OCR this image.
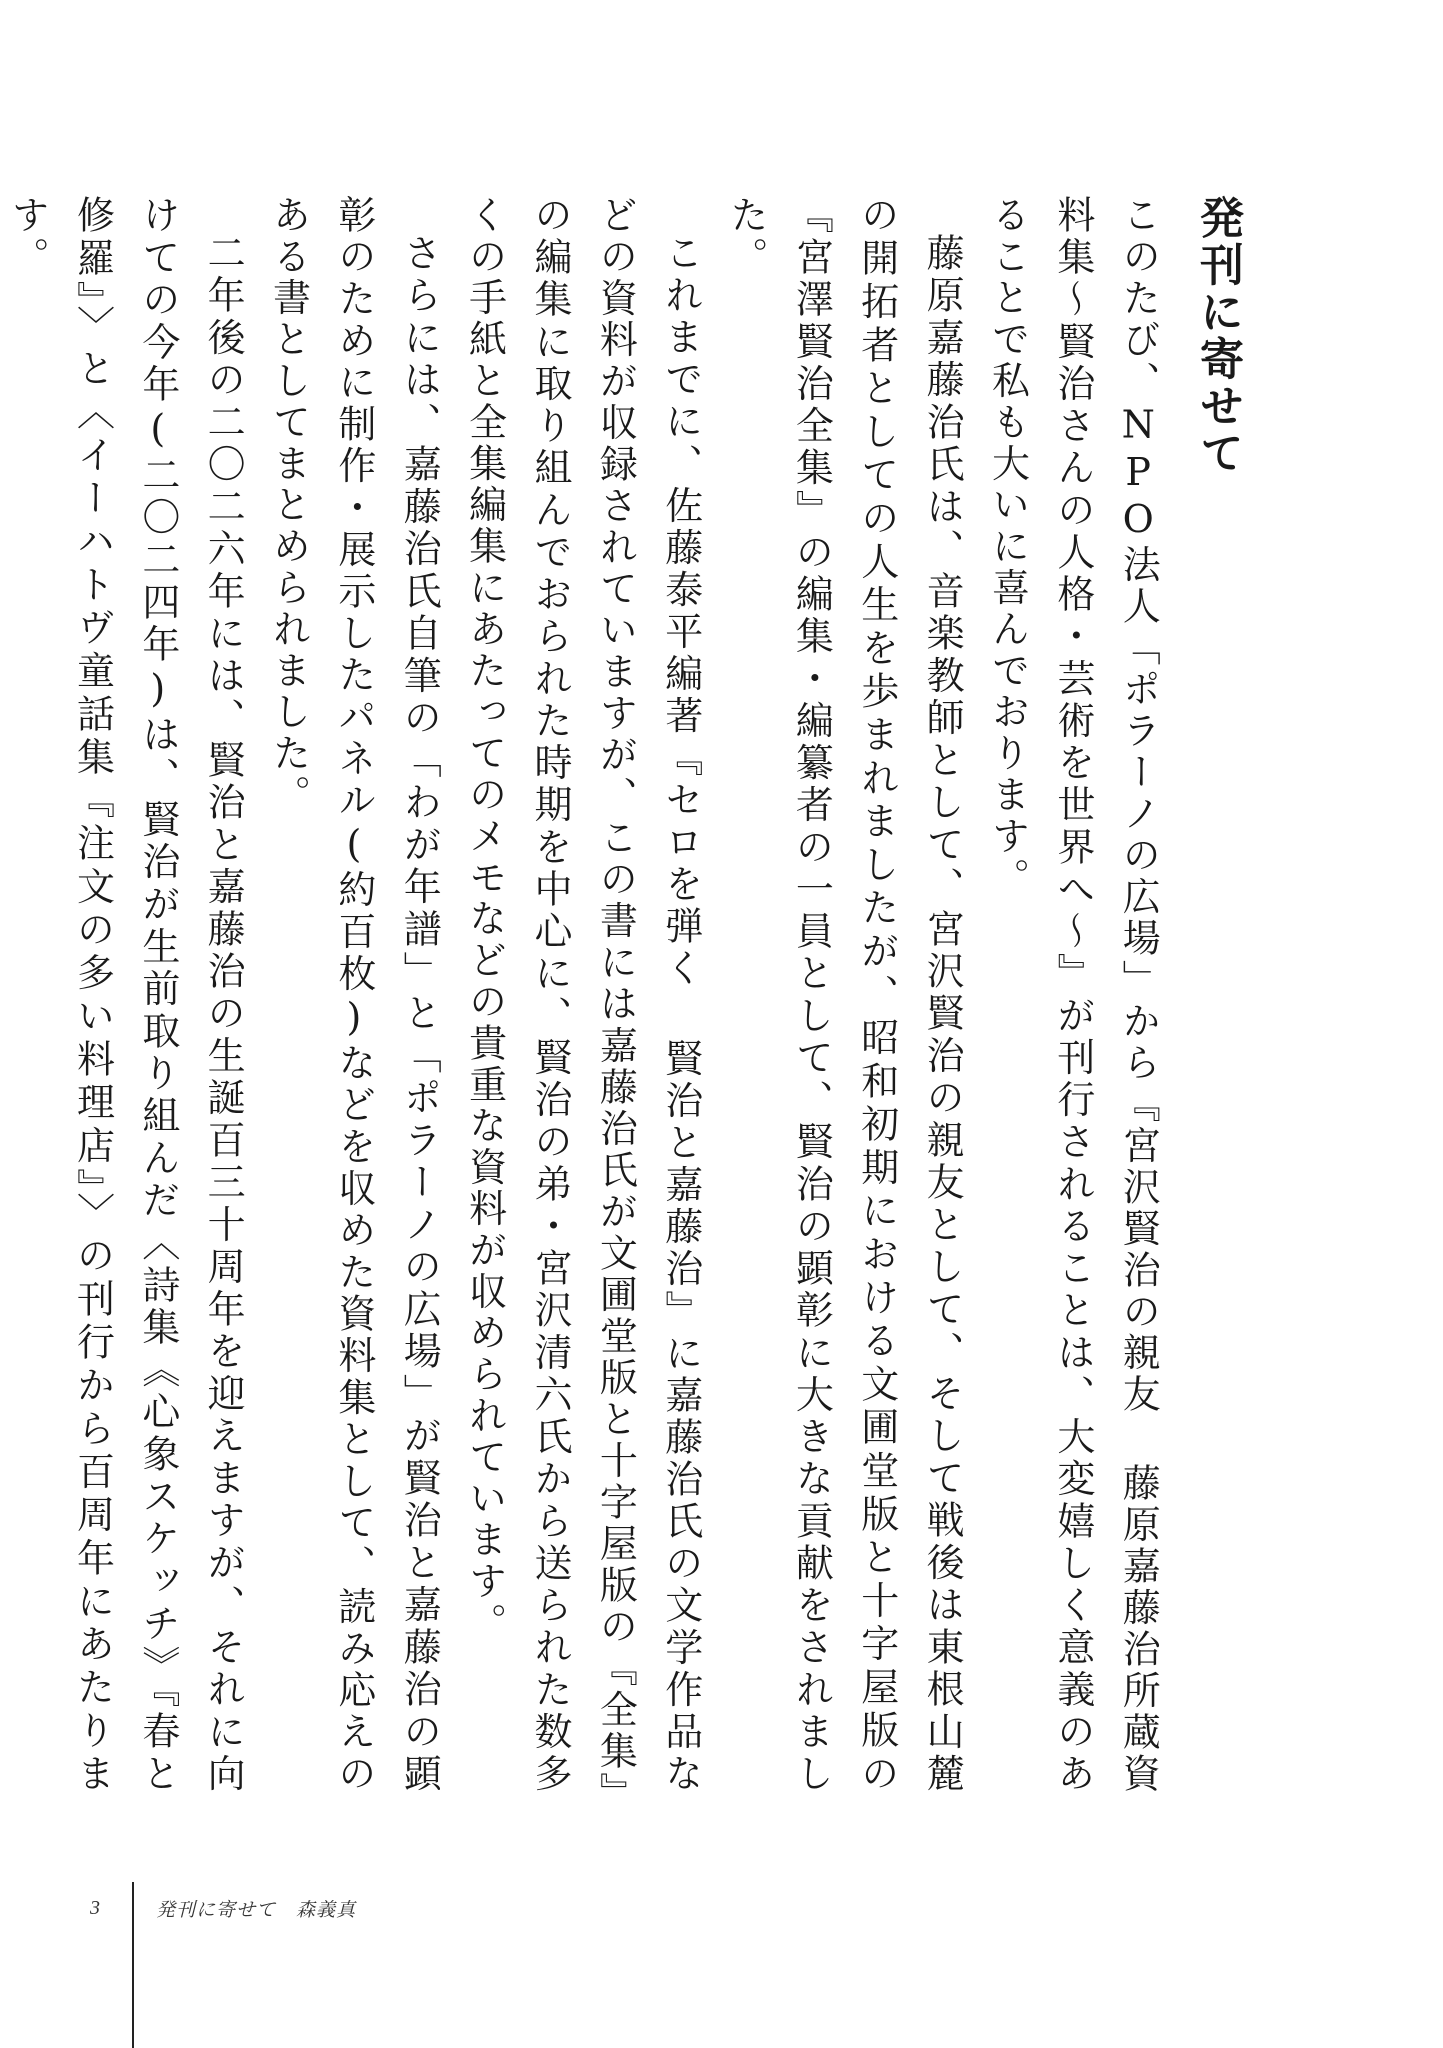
発刊に寄せて

このたび、NPO法人「ポラーノの広場」から『宮沢賢治の親友 藤原嘉藤治所蔵資料集〜賢治さんの人格・芸術を世界へ〜』が刊行されることは、大変嬉しく意義のあることで私も大いに喜んでおります。

藤原嘉藤治氏は、音楽教師として、宮沢賢治の親友として、そして戦後は東根山麓の開拓者としての人生を歩まれましたが、昭和初期における文圃堂版と十字屋版の『宮澤賢治全集』の編集・編纂者の一員として、賢治の顕彰に大きな貢献をされました。

これまでに、佐藤泰平編著『セロを弾く 賢治と嘉藤治』に嘉藤治氏の文学作品などの資料が収録されていますが、この書には嘉藤治氏が文圃堂版と十字屋版の『全集』の編集に取り組んでおられた時期を中心に、賢治の弟・宮沢清六氏から送られた数多くの手紙と全集編集にあたってのメモなどの貴重な資料が収められています。

さらには、嘉藤治氏自筆の「わが年譜」と「ポラーノの広場」が賢治と嘉藤治の顕彰のために制作・展示したパネル(約百枚)などを収めた資料集として、読み応えのある書としてまとめられました。

二年後の二〇二六年には、賢治と嘉藤治の生誕百三十周年を迎えますが、それに向けての今年(二〇二四年)は、賢治が生前取り組んだ〈詩集《心象スケッチ》『春と修羅』〉と〈イーハトヴ童話集『注文の多い料理店』〉の刊行から百周年にあたります。

3	発刊に寄せて　森義真
